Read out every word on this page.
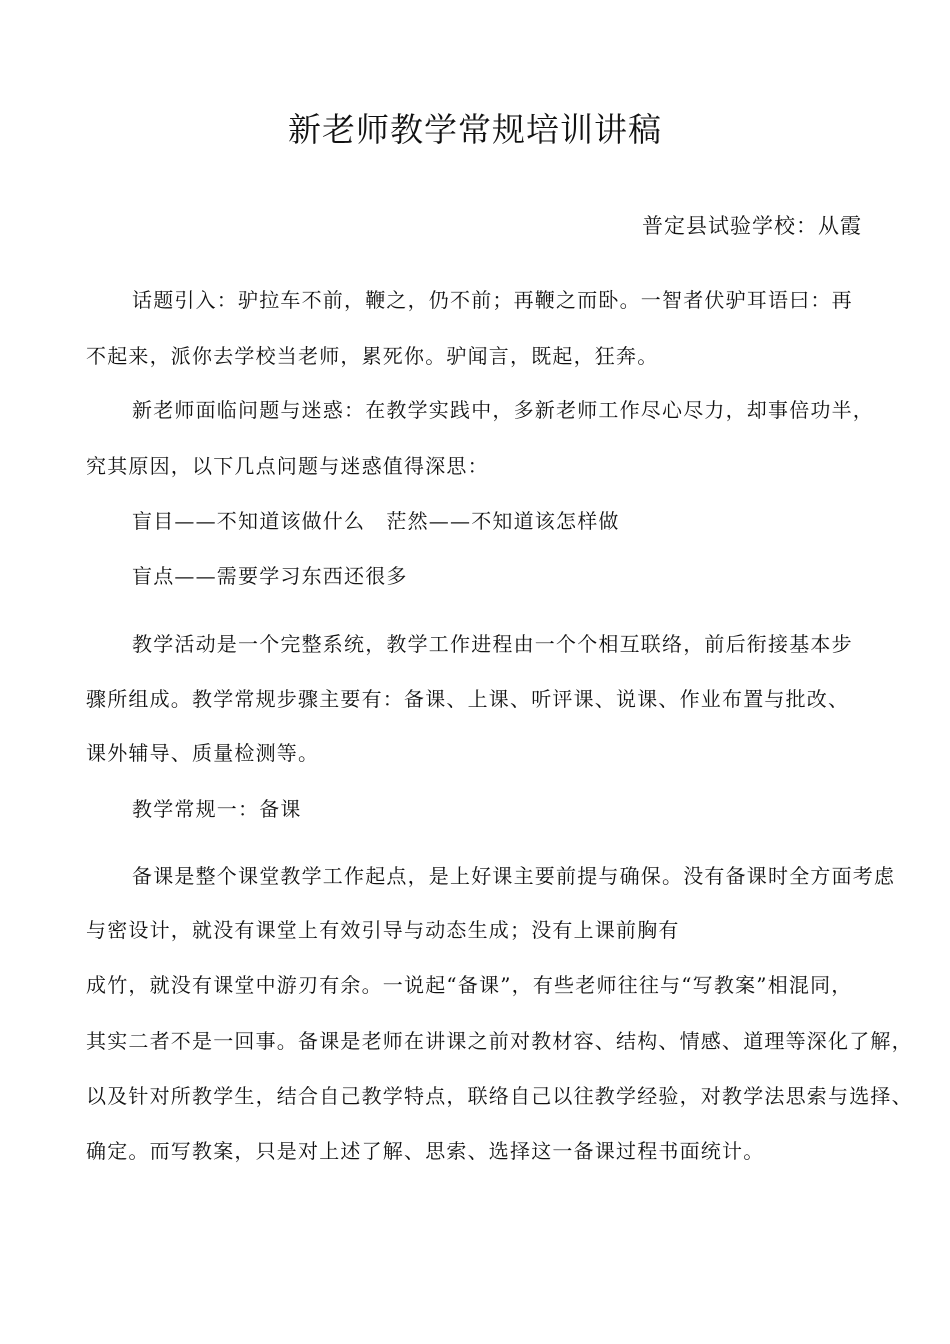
新老师教学常规培训讲稿
普定县试验学校：从霞
话题引入：驴拉车不前，鞭之，仍不前；再鞭之而卧。一智者伏驴耳语曰：再
不起来，派你去学校当老师，累死你。驴闻言，既起，狂奔。
新老师面临问题与迷惑：在教学实践中，多新老师工作尽心尽力，却事倍功半，
究其原因，以下几点问题与迷惑值得深思：
盲目——不知道该做什么　茫然——不知道该怎样做
盲点——需要学习东西还很多
教学活动是一个完整系统，教学工作进程由一个个相互联络，前后衔接基本步
骤所组成。教学常规步骤主要有：备课、上课、听评课、说课、作业布置与批改、
课外辅导、质量检测等。
教学常规一：备课
备课是整个课堂教学工作起点，是上好课主要前提与确保。没有备课时全方面考虑
与密设计，就没有课堂上有效引导与动态生成；没有上课前胸有
成竹，就没有课堂中游刃有余。一说起“备课”，有些老师往往与“写教案”相混同，
其实二者不是一回事。备课是老师在讲课之前对教材容、结构、情感、道理等深化了解，
以及针对所教学生，结合自己教学特点，联络自己以往教学经验，对教学法思索与选择、
确定。而写教案，只是对上述了解、思索、选择这一备课过程书面统计。
